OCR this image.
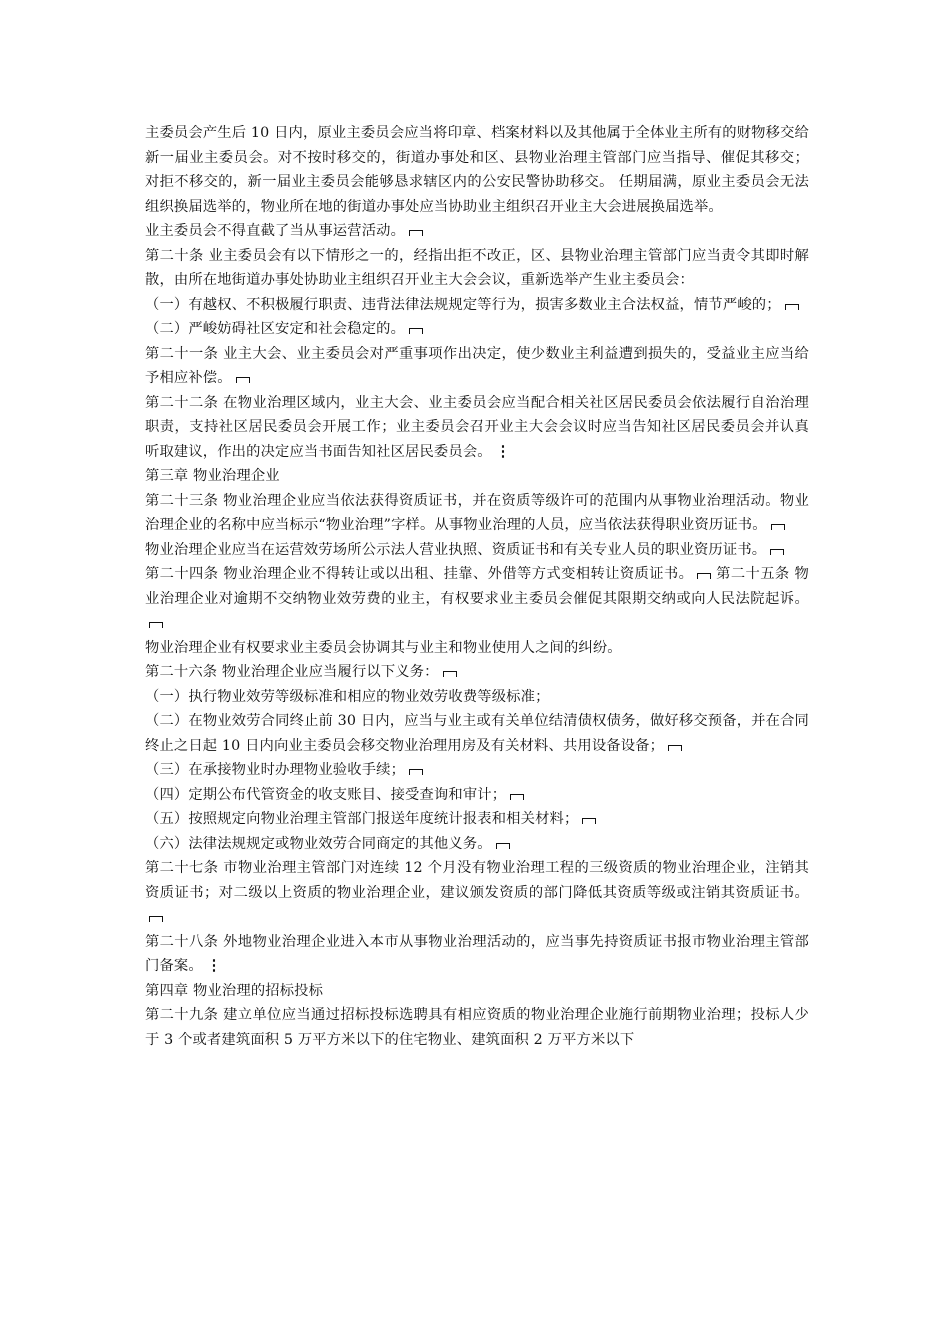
主委员会产生后 10 日内，原业主委员会应当将印章、档案材料以及其他属于全体业主所有的财物移交给新一届业主委员会。对不按时移交的，街道办事处和区、县物业治理主管部门应当指导、催促其移交；对拒不移交的，新一届业主委员会能够恳求辖区内的公安民警协助移交。 任期届满，原业主委员会无法组织换届选举的，物业所在地的街道办事处应当协助业主组织召开业主大会进展换届选举。

业主委员会不得直截了当从事运营活动。

第二十条 业主委员会有以下情形之一的，经指出拒不改正，区、县物业治理主管部门应当责令其即时解散，由所在地街道办事处协助业主组织召开业主大会会议，重新选举产生业主委员会：

（一）有越权、不积极履行职责、违背法律法规规定等行为，损害多数业主合法权益，情节严峻的；

（二）严峻妨碍社区安定和社会稳定的。

第二十一条 业主大会、业主委员会对严重事项作出决定，使少数业主利益遭到损失的，受益业主应当给予相应补偿。

第二十二条 在物业治理区域内，业主大会、业主委员会应当配合相关社区居民委员会依法履行自治治理职责，支持社区居民委员会开展工作；业主委员会召开业主大会会议时应当告知社区居民委员会并认真听取建议，作出的决定应当书面告知社区居民委员会。 ⋮

第三章 物业治理企业

第二十三条 物业治理企业应当依法获得资质证书，并在资质等级许可的范围内从事物业治理活动。物业治理企业的名称中应当标示“物业治理”字样。从事物业治理的人员，应当依法获得职业资历证书。

物业治理企业应当在运营效劳场所公示法人营业执照、资质证书和有关专业人员的职业资历证书。

第二十四条 物业治理企业不得转让或以出租、挂靠、外借等方式变相转让资质证书。 第二十五条 物业治理企业对逾期不交纳物业效劳费的业主，有权要求业主委员会催促其限期交纳或向人民法院起诉。

物业治理企业有权要求业主委员会协调其与业主和物业使用人之间的纠纷。

第二十六条 物业治理企业应当履行以下义务：

（一）执行物业效劳等级标准和相应的物业效劳收费等级标准；

（二）在物业效劳合同终止前 30 日内，应当与业主或有关单位结清债权债务，做好移交预备，并在合同终止之日起 10 日内向业主委员会移交物业治理用房及有关材料、共用设备设备；

（三）在承接物业时办理物业验收手续；

（四）定期公布代管资金的收支账目、接受查询和审计；

（五）按照规定向物业治理主管部门报送年度统计报表和相关材料；

（六）法律法规规定或物业效劳合同商定的其他义务。

第二十七条 市物业治理主管部门对连续 12 个月没有物业治理工程的三级资质的物业治理企业，注销其资质证书；对二级以上资质的物业治理企业，建议颁发资质的部门降低其资质等级或注销其资质证书。

第二十八条 外地物业治理企业进入本市从事物业治理活动的，应当事先持资质证书报市物业治理主管部门备案。 ⋮

第四章 物业治理的招标投标

第二十九条 建立单位应当通过招标投标选聘具有相应资质的物业治理企业施行前期物业治理；投标人少于 3 个或者建筑面积 5 万平方米以下的住宅物业、建筑面积 2 万平方米以下
